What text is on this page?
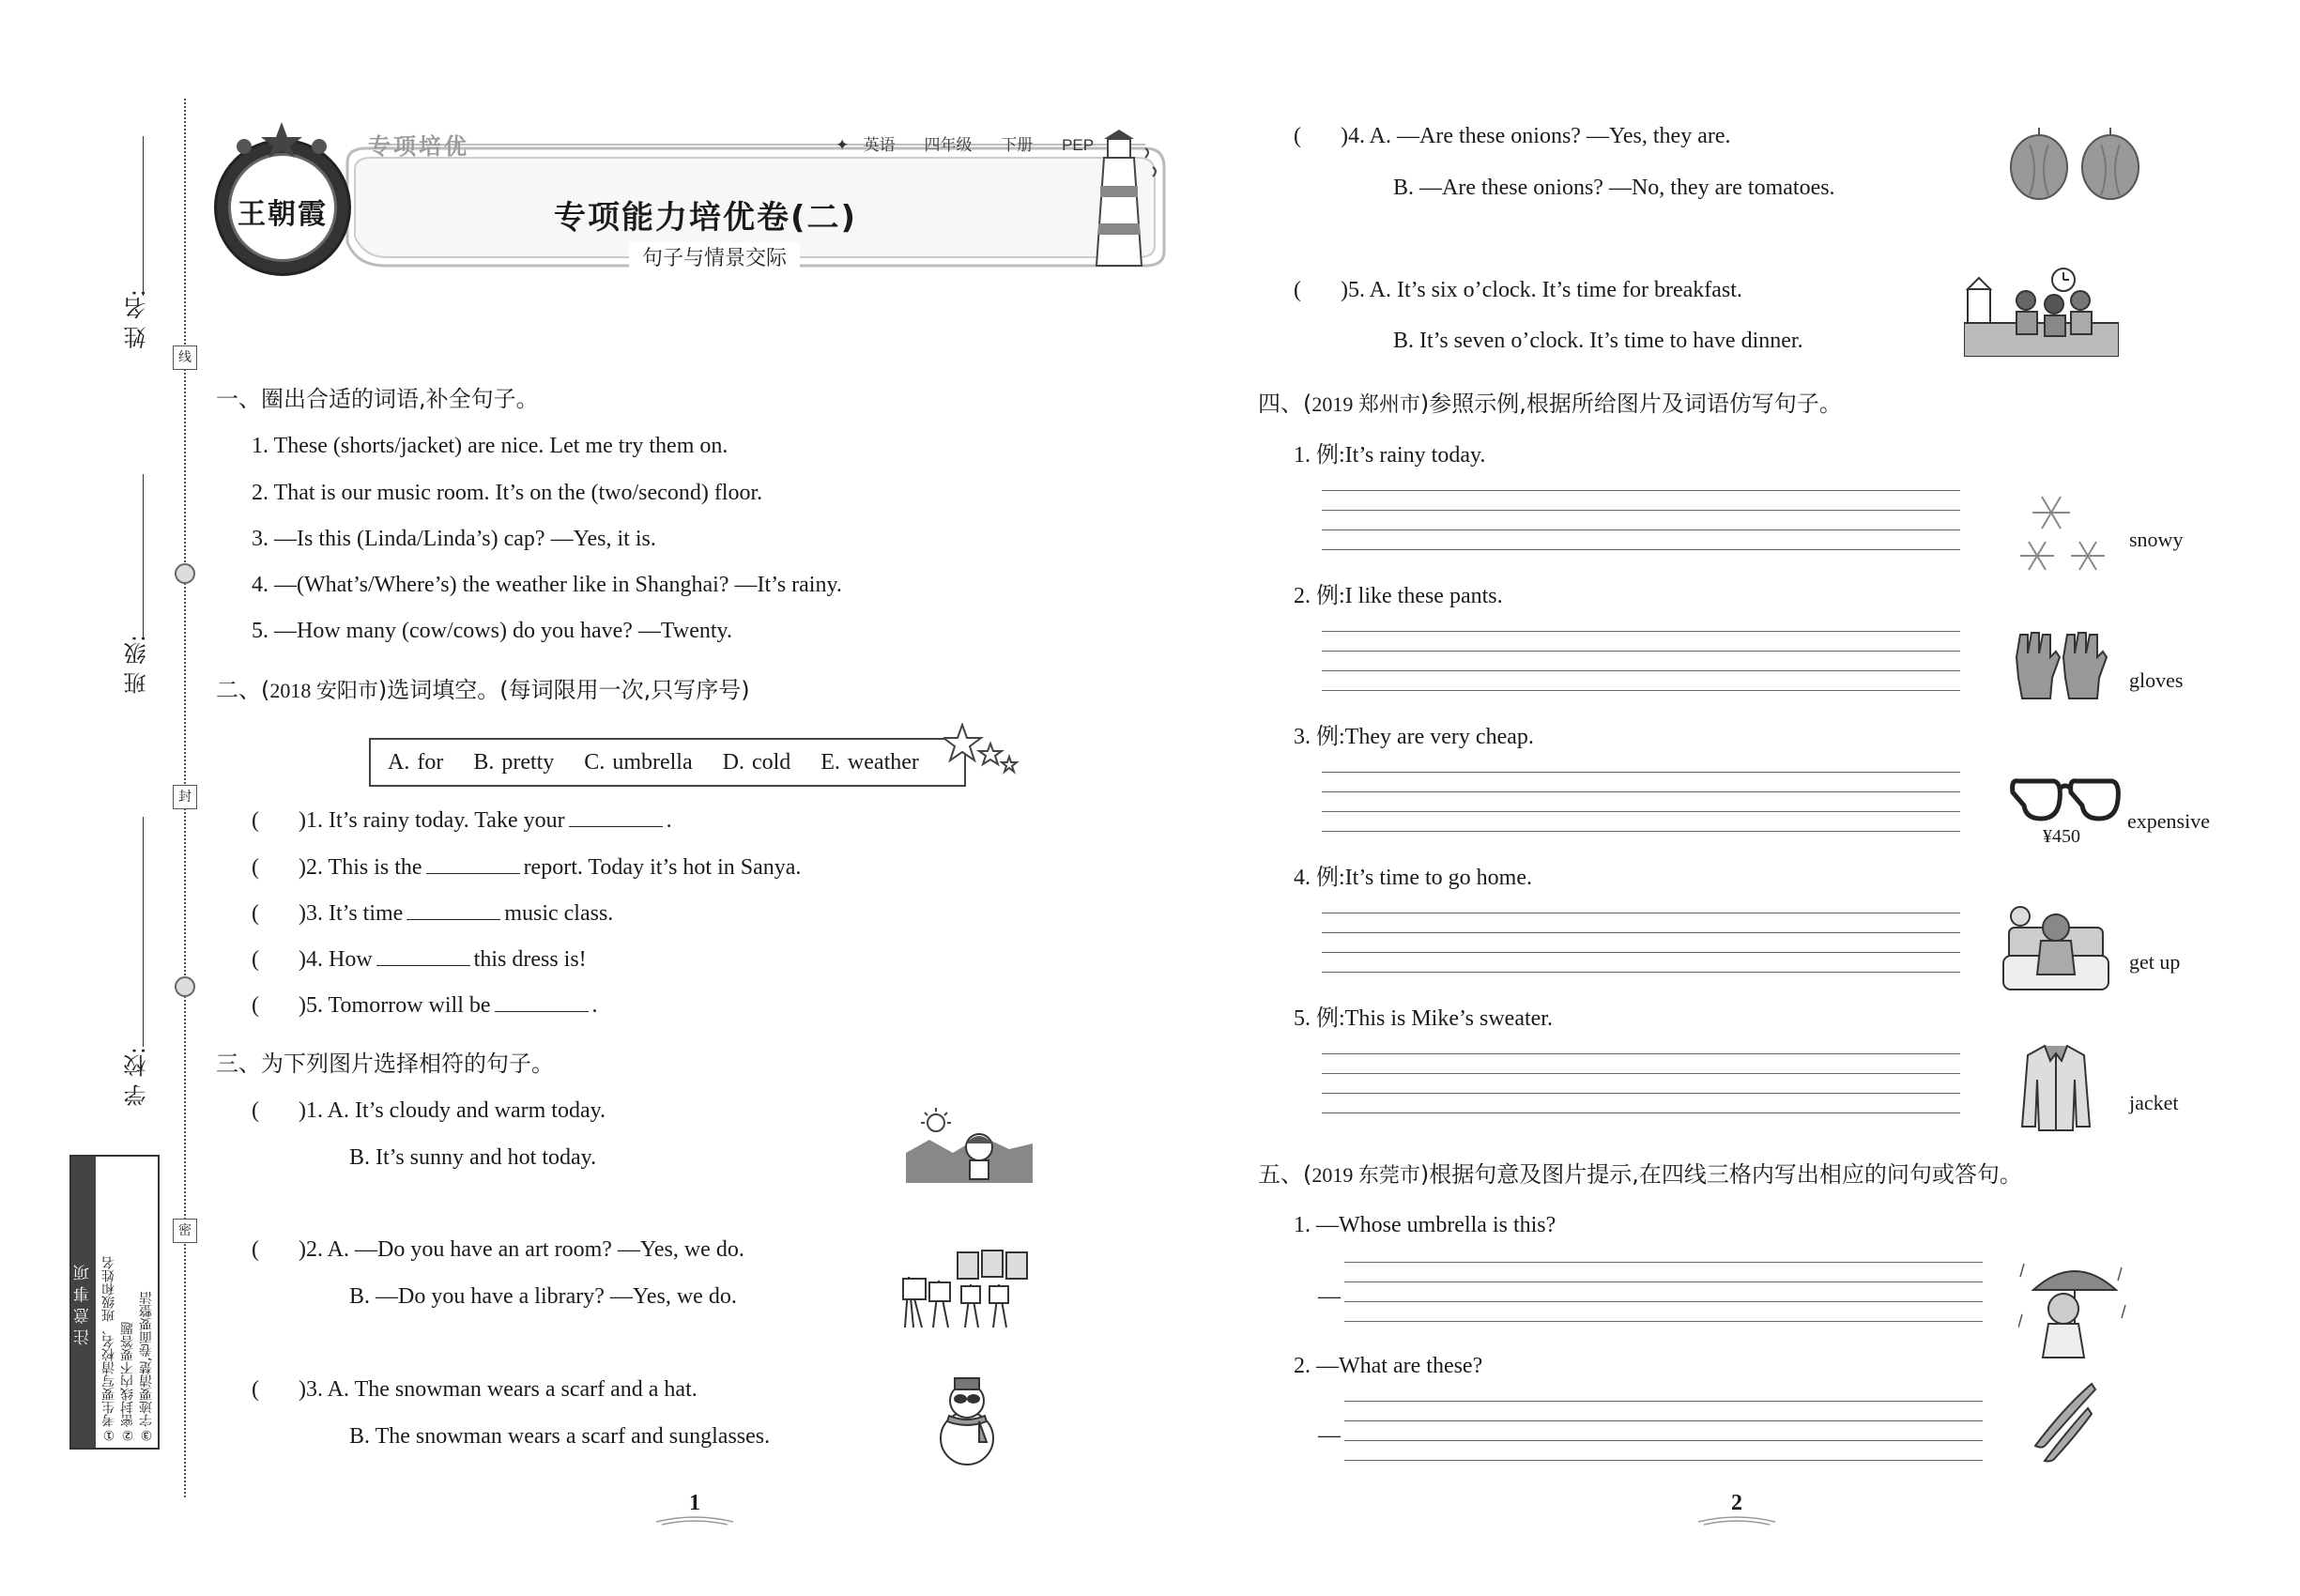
线
封
密
姓 名:
班 级:
学 校:
注意事项 ①考生要写清校名、班级和姓名 ②密封线内不要答题 ③字迹要清楚,卷面要整洁
王朝霞
专项培优	✦ 英语 四年级 下册 PEP
专项能力培优卷(二)
句子与情景交际
一、圈出合适的词语,补全句子。
1. These (shorts/jacket) are nice. Let me try them on.
2. That is our music room. It’s on the (two/second) floor.
3. —Is this (Linda/Linda’s) cap? —Yes, it is.
4. —(What’s/Where’s) the weather like in Shanghai? —It’s rainy.
5. —How many (cow/cows) do you have? —Twenty.
二、(2018 安阳市)选词填空。(每词限用一次,只写序号)
A. for    B. pretty    C. umbrella    D. cold    E. weather
( )1. It’s rainy today. Take your	.
( )2. This is the	report. Today it’s hot in Sanya.
( )3. It’s time	music class.
( )4. How	this dress is!
( )5. Tomorrow will be	.
三、为下列图片选择相符的句子。
( )1. A. It’s cloudy and warm today.
B. It’s sunny and hot today.
( )2. A. —Do you have an art room? —Yes, we do.
B. —Do you have a library? —Yes, we do.
( )3. A. The snowman wears a scarf and a hat.
B. The snowman wears a scarf and sunglasses.
( )4. A. —Are these onions? —Yes, they are.
B. —Are these onions? —No, they are tomatoes.
( )5. A. It’s six o’clock. It’s time for breakfast.
B. It’s seven o’clock. It’s time to have dinner.
四、(2019 郑州市)参照示例,根据所给图片及词语仿写句子。
1. 例:It’s rainy today.
snowy
2. 例:I like these pants.
gloves
3. 例:They are very cheap.
¥450
expensive
4. 例:It’s time to go home.
get up
5. 例:This is Mike’s sweater.
jacket
五、(2019 东莞市)根据句意及图片提示,在四线三格内写出相应的问句或答句。
1. —Whose umbrella is this?
—
2. —What are these?
—
1	2
